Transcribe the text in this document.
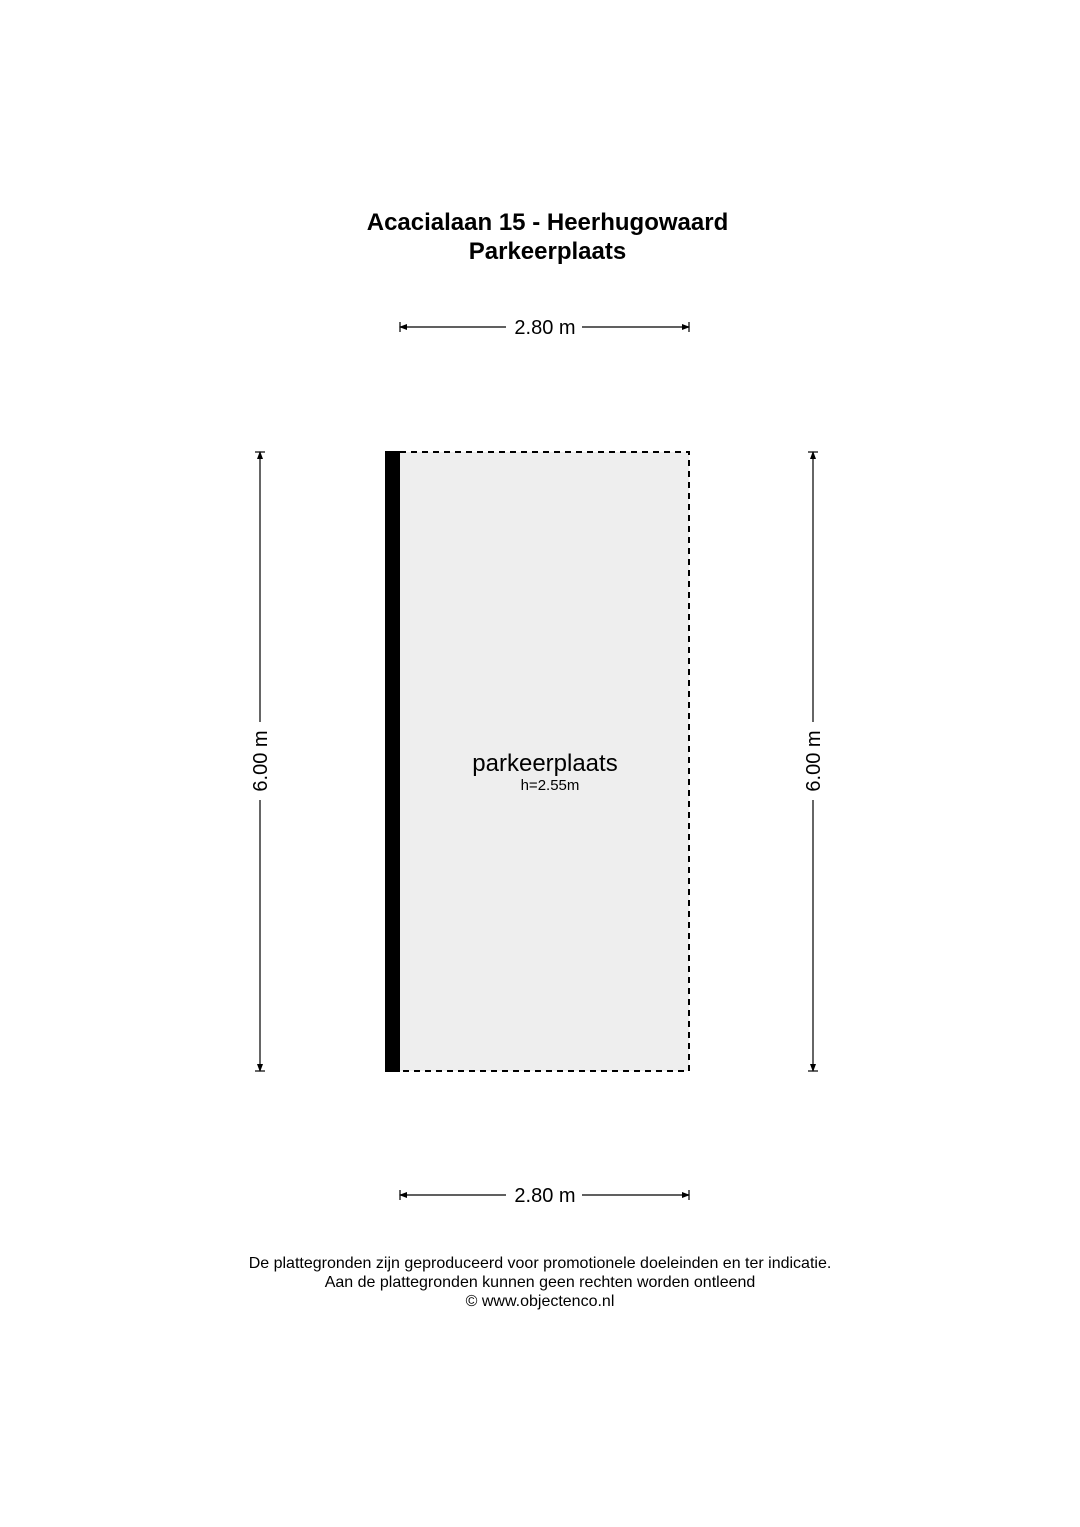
Acacialaan 15 - Heerhugowaard
Parkeerplaats
2.80 m
6.00 m	6.00 m
parkeerplaats
h=2.55m
2.80 m
De plattegronden zijn geproduceerd voor promotionele doeleinden en ter indicatie.
Aan de plattegronden kunnen geen rechten worden ontleend
© www.objectenco.nl
